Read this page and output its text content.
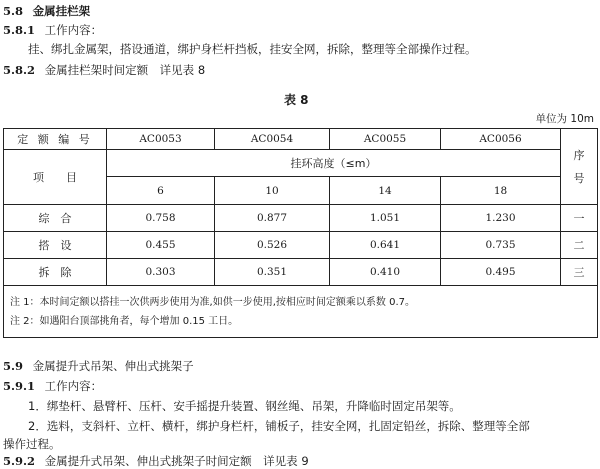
5.8 金属挂栏架
5.8.1 工作内容：
挂、绑扎金属架，搭设通道，绑护身栏杆挡板，挂安全网，拆除，整理等全部操作过程。
5.8.2 金属挂栏架时间定额　详见表 8
表 8
单位为 10m
定 额 编 号	AC0053	AC0054	AC0055	AC0056	序
号

项　　目	挂环高度（≤m）				
	6	10	14	18	
综　合	0.758	0.877	1.051	1.230	一
搭　设	0.455	0.526	0.641	0.735	二
拆　除	0.303	0.351	0.410	0.495	三

注 1：本时间定额以搭挂一次供两步使用为准,如供一步使用,按相应时间定额乘以系数 0.7。
注 2：如遇阳台顶部挑角者，每个增加 0.15 工日。					
5.9 金属提升式吊架、伸出式挑架子
5.9.1 工作内容：
1．绑垫杆、悬臂杆、压杆、安手摇提升装置、钢丝绳、吊架，升降临时固定吊架等。
2．选料，支斜杆、立杆、横杆，绑护身栏杆，铺板子，挂安全网，扎固定铅丝，拆除、整理等全部
操作过程。
5.9.2 金属提升式吊架、伸出式挑架子时间定额　详见表 9
